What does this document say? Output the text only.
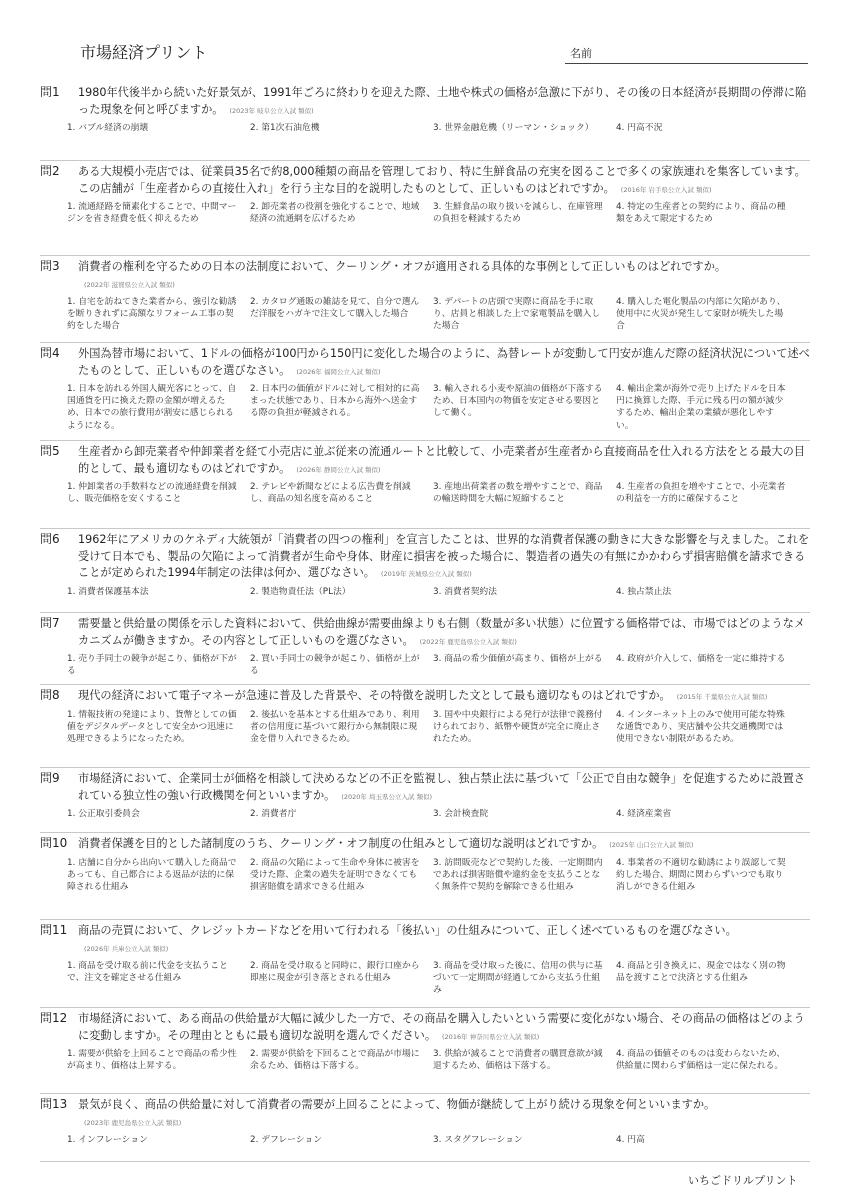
市場経済プリント	名前
問1 1980年代後半から続いた好景気が、1991年ごろに終わりを迎えた際、土地や株式の価格が急激に下がり、その後の日本経済が長期間の停滞に陥った現象を何と呼びますか。 (2023年 岐阜公立入試 類似)
1. バブル経済の崩壊	2. 第1次石油危機	3. 世界金融危機（リーマン・ショック）	4. 円高不況
問2 ある大規模小売店では、従業員35名で約8,000種類の商品を管理しており、特に生鮮食品の充実を図ることで多くの家族連れを集客しています。この店舗が「生産者からの直接仕入れ」を行う主な目的を説明したものとして、正しいものはどれですか。 (2016年 岩手県公立入試 類似)
1. 流通経路を簡素化することで、中間マージンを省き経費を低く抑えるため
2. 卸売業者の役割を強化することで、地域経済の流通網を広げるため
3. 生鮮食品の取り扱いを減らし、在庫管理の負担を軽減するため
4. 特定の生産者との契約により、商品の種類をあえて限定するため
問3 消費者の権利を守るための日本の法制度において、クーリング・オフが適用される具体的な事例として正しいものはどれですか。(2022年 滋賀県公立入試 類似)
1. 自宅を訪ねてきた業者から、強引な勧誘を断りきれずに高額なリフォーム工事の契約をした場合
2. カタログ通販の雑誌を見て、自分で選んだ洋服をハガキで注文して購入した場合
3. デパートの店頭で実際に商品を手に取り、店員と相談した上で家電製品を購入した場合
4. 購入した電化製品の内部に欠陥があり、使用中に火災が発生して家財が焼失した場合
問4 外国為替市場において、1ドルの価格が100円から150円に変化した場合のように、為替レートが変動して円安が進んだ際の経済状況について述べたものとして、正しいものを選びなさい。 (2026年 福岡公立入試 類似)
1. 日本を訪れる外国人観光客にとって、自国通貨を円に換えた際の金額が増えるため、日本での旅行費用が割安に感じられるようになる。
2. 日本円の価値がドルに対して相対的に高まった状態であり、日本から海外へ送金する際の負担が軽減される。
3. 輸入される小麦や原油の価格が下落するため、日本国内の物価を安定させる要因として働く。
4. 輸出企業が海外で売り上げたドルを日本円に換算した際、手元に残る円の額が減少するため、輸出企業の業績が悪化しやすい。
問5 生産者から卸売業者や仲卸業者を経て小売店に並ぶ従来の流通ルートと比較して、小売業者が生産者から直接商品を仕入れる方法をとる最大の目的として、最も適切なものはどれですか。 (2026年 静岡公立入試 類似)
1. 仲卸業者の手数料などの流通経費を削減し、販売価格を安くすること
2. テレビや新聞などによる広告費を削減し、商品の知名度を高めること
3. 産地出荷業者の数を増やすことで、商品の輸送時間を大幅に短縮すること
4. 生産者の負担を増やすことで、小売業者の利益を一方的に確保すること
問6 1962年にアメリカのケネディ大統領が「消費者の四つの権利」を宣言したことは、世界的な消費者保護の動きに大きな影響を与えました。これを受けて日本でも、製品の欠陥によって消費者が生命や身体、財産に損害を被った場合に、製造者の過失の有無にかかわらず損害賠償を請求できることが定められた1994年制定の法律は何か、選びなさい。 (2019年 茨城県公立入試 類似)
1. 消費者保護基本法	2. 製造物責任法（PL法）	3. 消費者契約法	4. 独占禁止法
問7 需要量と供給量の関係を示した資料において、供給曲線が需要曲線よりも右側（数量が多い状態）に位置する価格帯では、市場ではどのようなメカニズムが働きますか。その内容として正しいものを選びなさい。 (2022年 鹿児島県公立入試 類似)
1. 売り手同士の競争が起こり、価格が下がる
2. 買い手同士の競争が起こり、価格が上がる
3. 商品の希少価値が高まり、価格が上がる	4. 政府が介入して、価格を一定に維持する
問8 現代の経済において電子マネーが急速に普及した背景や、その特徴を説明した文として最も適切なものはどれですか。 (2015年 千葉県公立入試 類似)
1. 情報技術の発達により、貨幣としての価値をデジタルデータとして安全かつ迅速に処理できるようになったため。
2. 後払いを基本とする仕組みであり、利用者の信用度に基づいて銀行から無制限に現金を借り入れできるため。
3. 国や中央銀行による発行が法律で義務付けられており、紙幣や硬貨が完全に廃止されたため。
4. インターネット上のみで使用可能な特殊な通貨であり、実店舗や公共交通機関では使用できない制限があるため。
問9 市場経済において、企業同士が価格を相談して決めるなどの不正を監視し、独占禁止法に基づいて「公正で自由な競争」を促進するために設置されている独立性の強い行政機関を何といいますか。 (2020年 埼玉県公立入試 類似)
1. 公正取引委員会	2. 消費者庁	3. 会計検査院	4. 経済産業省
問10 消費者保護を目的とした諸制度のうち、クーリング・オフ制度の仕組みとして適切な説明はどれですか。 (2025年 山口公立入試 類似)
1. 店舗に自分から出向いて購入した商品であっても、自己都合による返品が法的に保障される仕組み
2. 商品の欠陥によって生命や身体に被害を受けた際、企業の過失を証明できなくても損害賠償を請求できる仕組み
3. 訪問販売などで契約した後、一定期間内であれば損害賠償や違約金を支払うことなく無条件で契約を解除できる仕組み
4. 事業者の不適切な勧誘により誤認して契約した場合、期間に関わらずいつでも取り消しができる仕組み
問11 商品の売買において、クレジットカードなどを用いて行われる「後払い」の仕組みについて、正しく述べているものを選びなさい。(2026年 兵庫公立入試 類似)
1. 商品を受け取る前に代金を支払うことで、注文を確定させる仕組み
2. 商品を受け取ると同時に、銀行口座から即座に現金が引き落とされる仕組み
3. 商品を受け取った後に、信用の供与に基づいて一定期間が経過してから支払う仕組み
4. 商品と引き換えに、現金ではなく別の物品を渡すことで決済とする仕組み
問12 市場経済において、ある商品の供給量が大幅に減少した一方で、その商品を購入したいという需要に変化がない場合、その商品の価格はどのように変動しますか。その理由とともに最も適切な説明を選んでください。 (2016年 神奈川県公立入試 類似)
1. 需要が供給を上回ることで商品の希少性が高まり、価格は上昇する。
2. 需要が供給を下回ることで商品が市場に余るため、価格は下落する。
3. 供給が減ることで消費者の購買意欲が減退するため、価格は下落する。
4. 商品の価値そのものは変わらないため、供給量に関わらず価格は一定に保たれる。
問13 景気が良く、商品の供給量に対して消費者の需要が上回ることによって、物価が継続して上がり続ける現象を何といいますか。(2023年 鹿児島県公立入試 類似)
1. インフレーション	2. デフレーション	3. スタグフレーション	4. 円高
いちごドリルプリント
